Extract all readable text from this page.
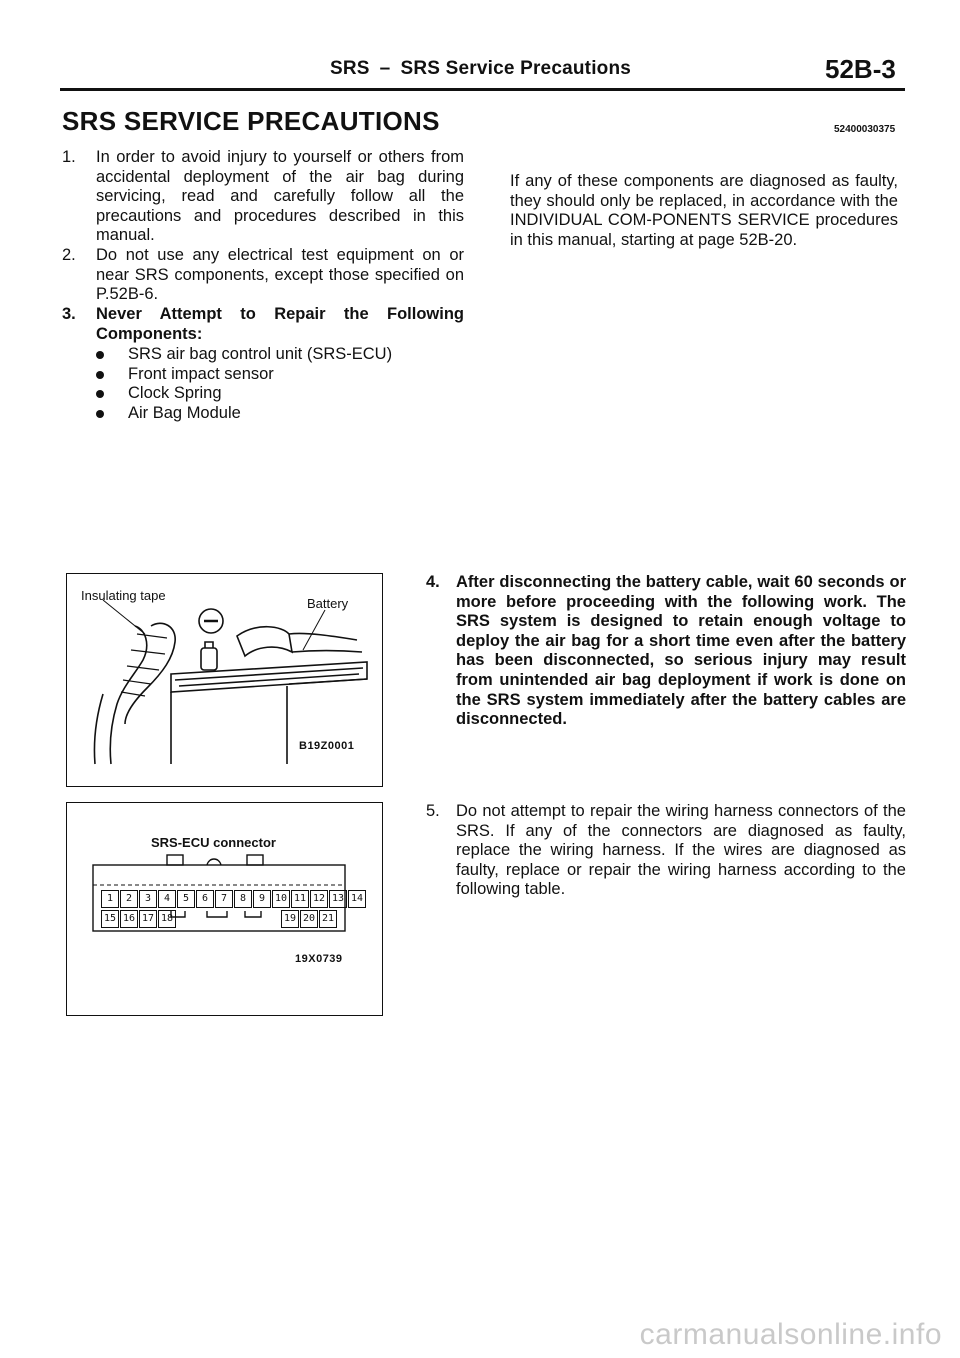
SRS – SRS Service Precautions	52B-3
SRS SERVICE PRECAUTIONS	52400030375
1. In order to avoid injury to yourself or others from accidental deployment of the air bag during servicing, read and carefully follow all the precautions and procedures described in this manual.
2. Do not use any electrical test equipment on or near SRS components, except those specified on P.52B-6.
3. Never Attempt to Repair the Following Components:
SRS air bag control unit (SRS-ECU)
Front impact sensor
Clock Spring
Air Bag Module
If any of these components are diagnosed as faulty, they should only be replaced, in accordance with the INDIVIDUAL COM-PONENTS SERVICE procedures in this manual, starting at page 52B-20.
Insulating tape
Battery
B19Z0001
SRS-ECU connector
1	2	3	4	5	6	7	8	9 10 11 12 13 14
15 16 17 18	19 20 21
19X0739
4. After disconnecting the battery cable, wait 60 seconds or more before proceeding with the following work. The SRS system is designed to retain enough voltage to deploy the air bag for a short time even after the battery has been disconnected, so serious injury may result from unintended air bag deployment if work is done on the SRS system immediately after the battery cables are disconnected.
5. Do not attempt to repair the wiring harness connectors of the SRS. If any of the connectors are diagnosed as faulty, replace the wiring harness. If the wires are diagnosed as faulty, replace or repair the wiring harness according to the following table.
carmanualsonline.info
